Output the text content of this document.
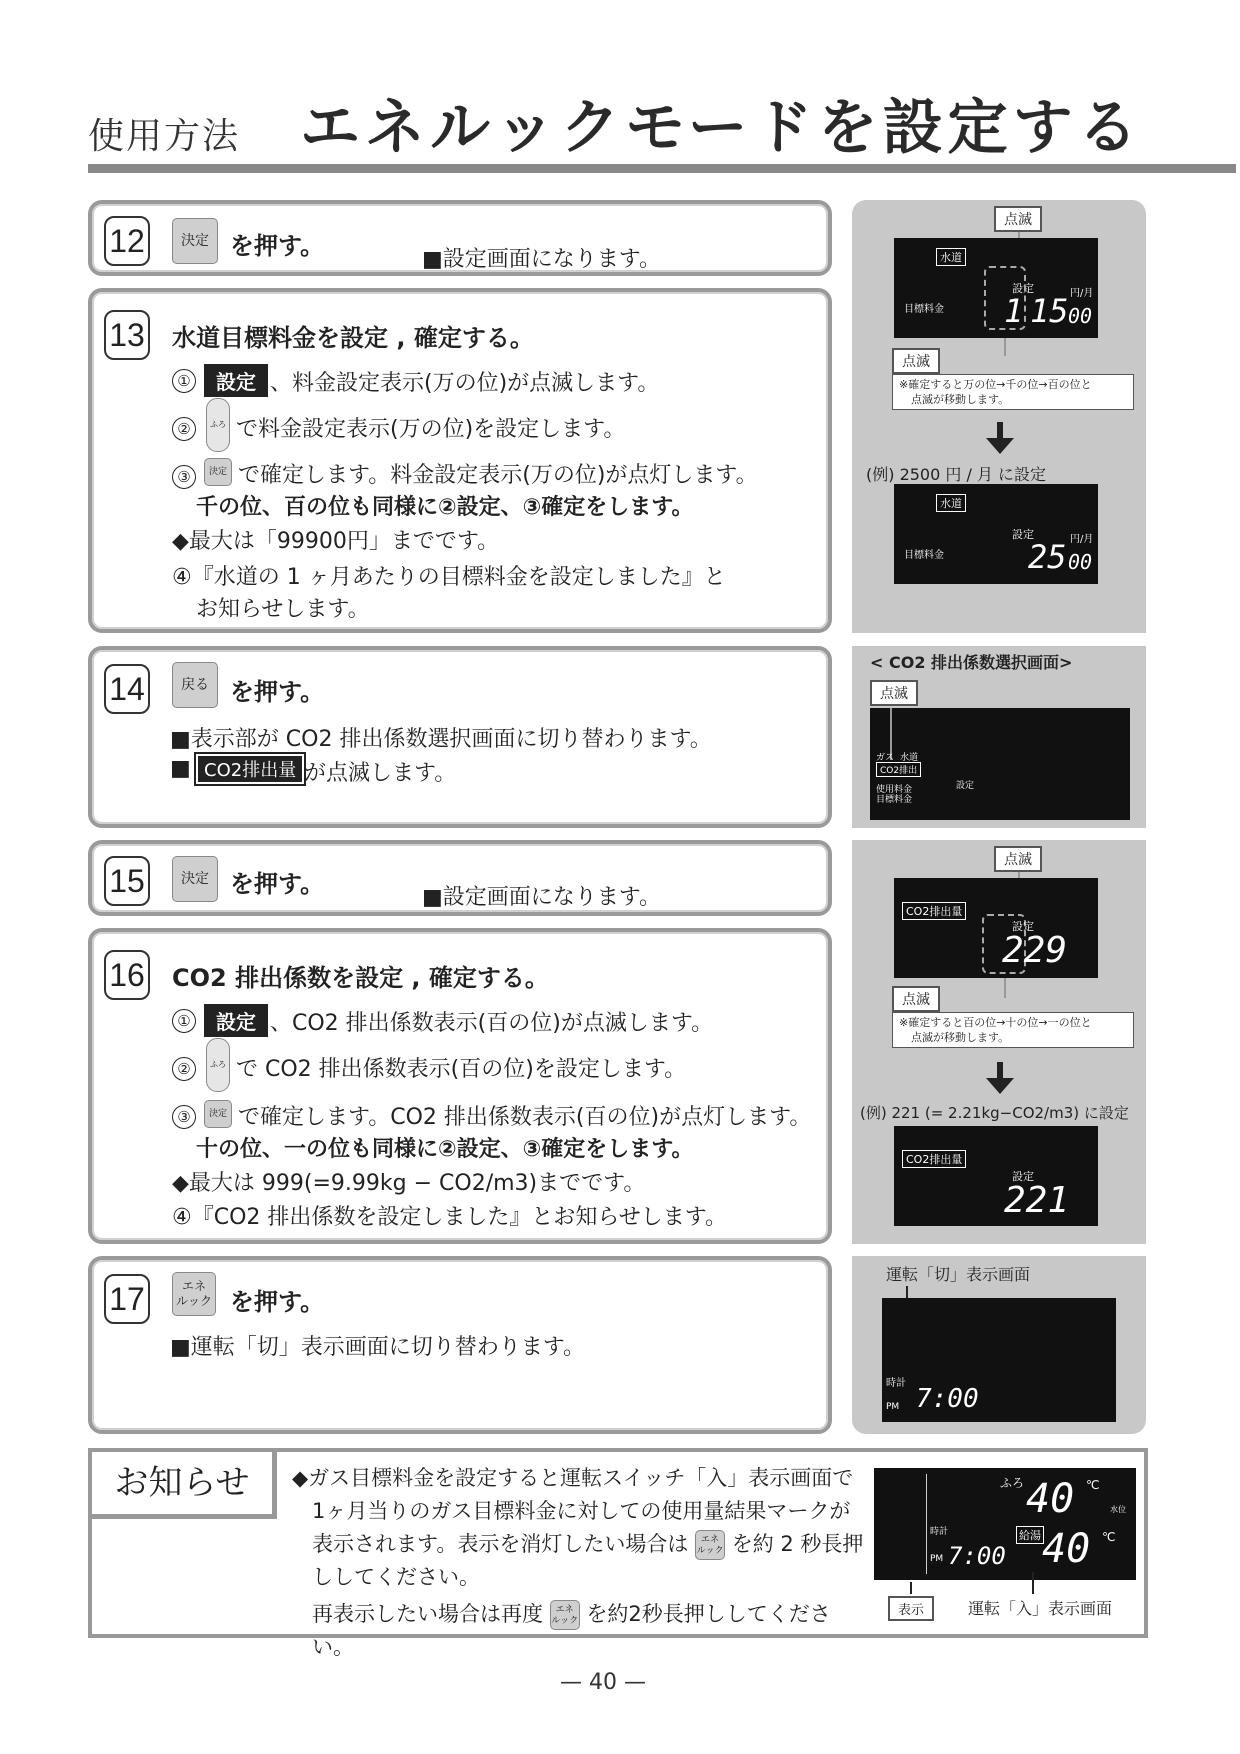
使用方法 エネルックモードを設定する
12	決定 を押す。	■設定画面になります。
13 水道目標料金を設定 , 確定する。
①	設定 、料金設定表示(万の位)が点滅します。
②	ふろ で料金設定表示(万の位)を設定します。
③	決定 で確定します。料金設定表示(万の位)が点灯します。
千の位、百の位も同様に②設定、③確定をします。
◆最大は「99900円」までです。
④『水道の 1 ヶ月あたりの目標料金を設定しました』と
お知らせします。
14	戻る を押す。
■表示部が CO2 排出係数選択画面に切り替わります。
■ CO2排出量 が点滅します。
15	決定 を押す。	■設定画面になります。
16 CO2 排出係数を設定 , 確定する。
①	設定 、CO2 排出係数表示(百の位)が点滅します。
②	ふろ で CO2 排出係数表示(百の位)を設定します。
③	決定 で確定します。CO2 排出係数表示(百の位)が点灯します。
十の位、一の位も同様に②設定、③確定をします。
◆最大は 999(=9.99kg − CO2/m3)までです。
④『CO2 排出係数を設定しました』とお知らせします。
17	エネ
ルック を押す。
■運転「切」表示画面に切り替わります。
点滅
水道
目標料金
設定	円/月
1 15 00
点滅
※確定すると万の位→千の位→百の位と
点滅が移動します。
(例) 2500 円 / 月 に設定
水道
設定	円/月
目標料金	25 00
< CO2 排出係数選択画面>
点滅
ガス 水道
CO2排出
使用料金
目標料金
設定
点滅
CO2排出量
設定
229
点滅
※確定すると百の位→十の位→一の位と
点滅が移動します。
(例) 221 (= 2.21kg−CO2/m3) に設定
CO2排出量
設定
221
運転「切」表示画面
時計
PM 7:00
お知らせ	◆ガス目標料金を設定すると運転スイッチ「入」表示画面で
1ヶ月当りのガス目標料金に対しての使用量結果マークが
表示されます。表示を消灯したい場合は エネ
ルック を約 2 秒長押
ししてください。
再表示したい場合は再度 エネ
ルック を約2秒長押ししてください。
ふろ 40 ℃
水位
時計
PM 7:00
給湯 40 ℃
表示	運転「入」表示画面
— 40 —
